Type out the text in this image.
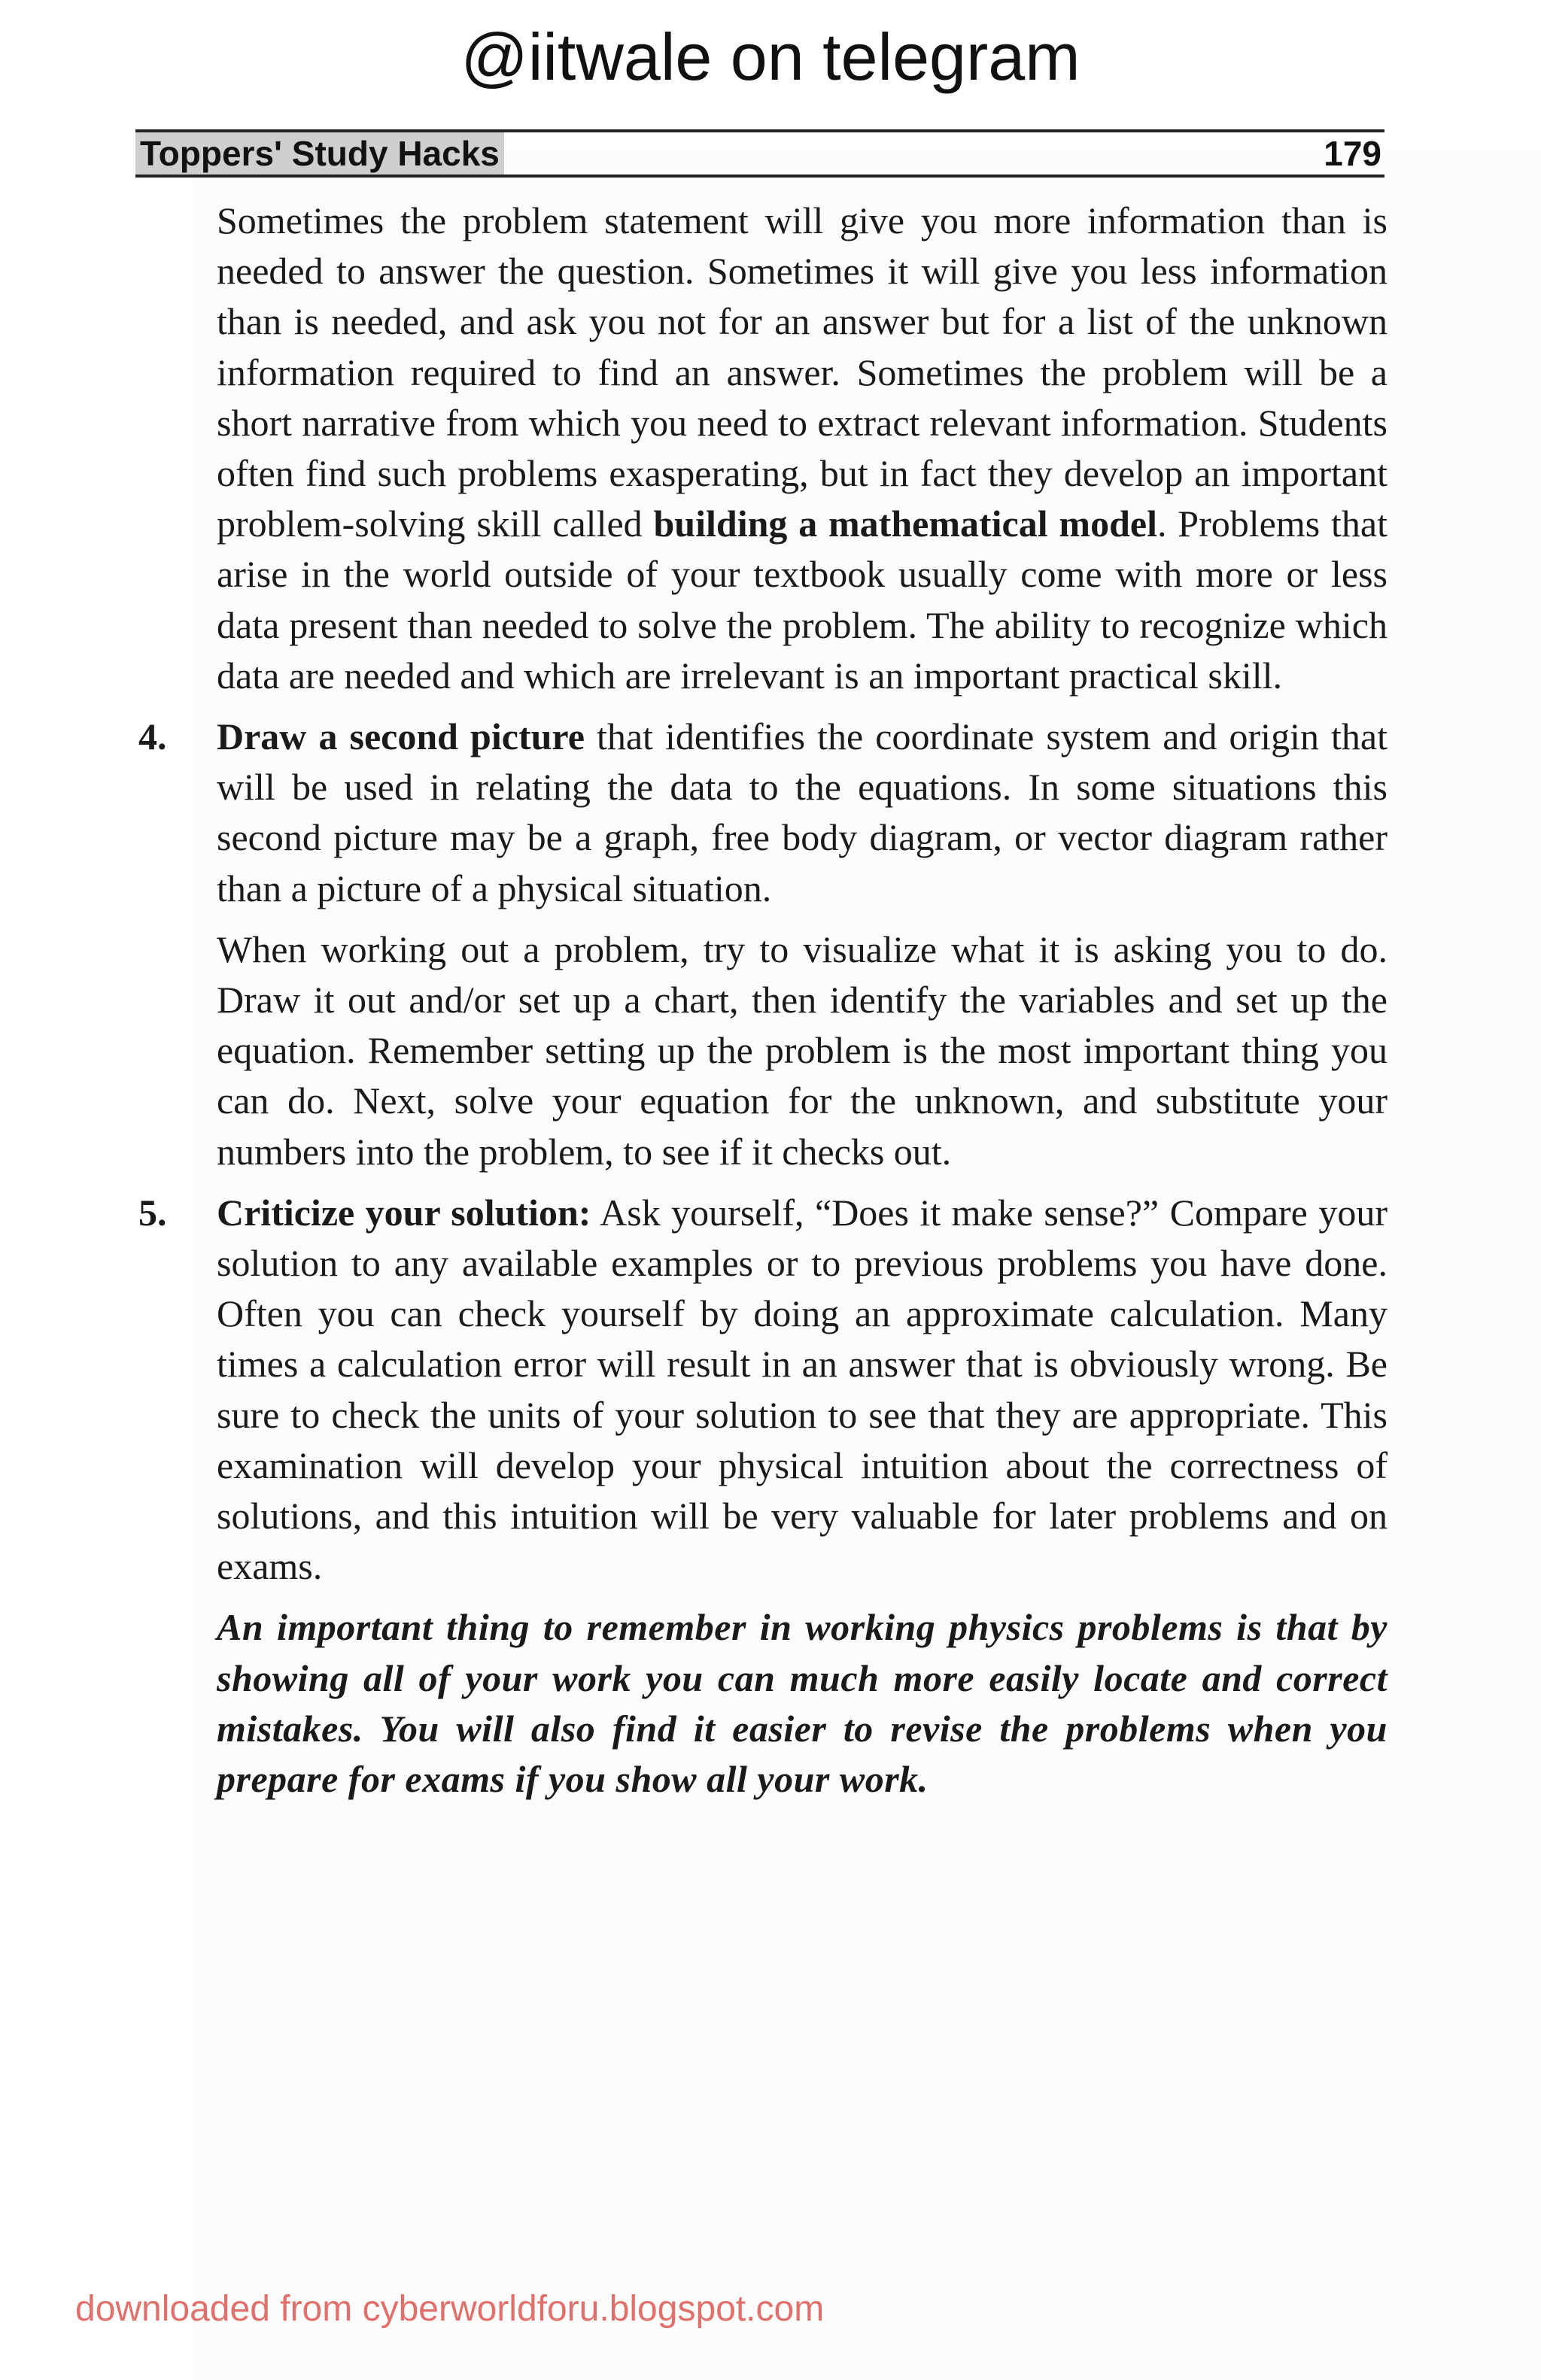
@iitwale on telegram
Toppers' Study Hacks	179

Sometimes the problem statement will give you more information than is needed to answer the question. Sometimes it will give you less information than is needed, and ask you not for an answer but for a list of the unknown information required to find an answer. Sometimes the problem will be a short narrative from which you need to extract relevant information. Students often find such problems exasperating, but in fact they develop an important problem-solving skill called building a mathematical model. Problems that arise in the world outside of your textbook usually come with more or less data present than needed to solve the problem. The ability to recognize which data are needed and which are irrelevant is an important practical skill.

4. Draw a second picture that identifies the coordinate system and origin that will be used in relating the data to the equations. In some situations this second picture may be a graph, free body diagram, or vector diagram rather than a picture of a physical situation.

When working out a problem, try to visualize what it is asking you to do. Draw it out and/or set up a chart, then identify the variables and set up the equation. Remember setting up the problem is the most important thing you can do. Next, solve your equation for the unknown, and substitute your numbers into the problem, to see if it checks out.

5. Criticize your solution: Ask yourself, “Does it make sense?” Compare your solution to any available examples or to previous problems you have done. Often you can check yourself by doing an approximate calculation. Many times a calculation error will result in an answer that is obviously wrong. Be sure to check the units of your solution to see that they are appropriate. This examination will develop your physical intuition about the correctness of solutions, and this intuition will be very valuable for later problems and on exams.

An important thing to remember in working physics problems is that by showing all of your work you can much more easily locate and correct mistakes. You will also find it easier to revise the problems when you prepare for exams if you show all your work.

downloaded from cyberworldforu.blogspot.com
